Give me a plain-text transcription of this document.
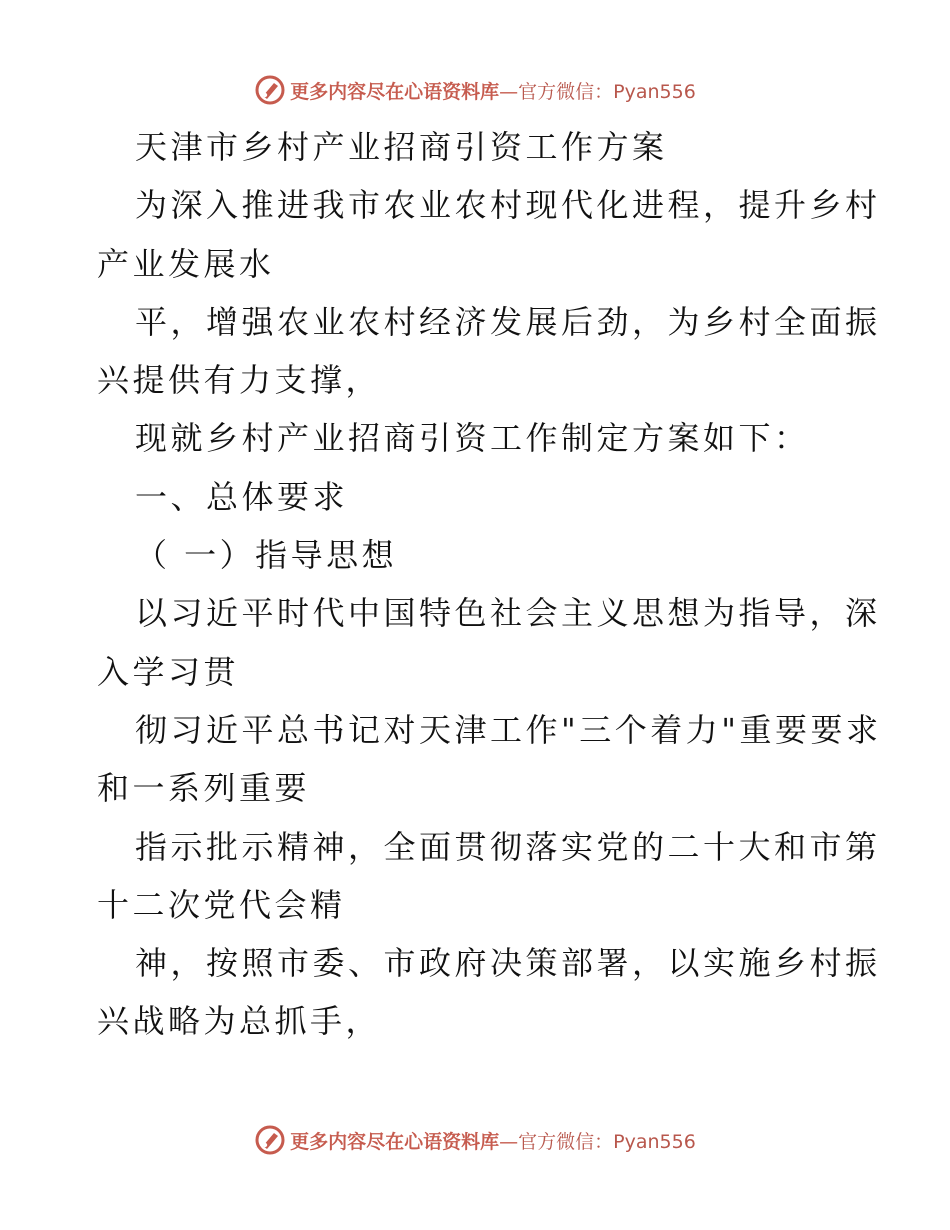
更多内容尽在心语资料库—官方微信：Pyan556

天津市乡村产业招商引资工作方案

为深入推进我市农业农村现代化进程，提升乡村

产业发展水

平，增强农业农村经济发展后劲，为乡村全面振

兴提供有力支撑，

现就乡村产业招商引资工作制定方案如下：

一、总体要求

（ 一）指导思想

以习近平时代中国特色社会主义思想为指导，深

入学习贯

彻习近平总书记对天津工作"三个着力"重要要求

和一系列重要

指示批示精神，全面贯彻落实党的二十大和市第

十二次党代会精

神，按照市委、市政府决策部署，以实施乡村振

兴战略为总抓手，

更多内容尽在心语资料库—官方微信：Pyan556
